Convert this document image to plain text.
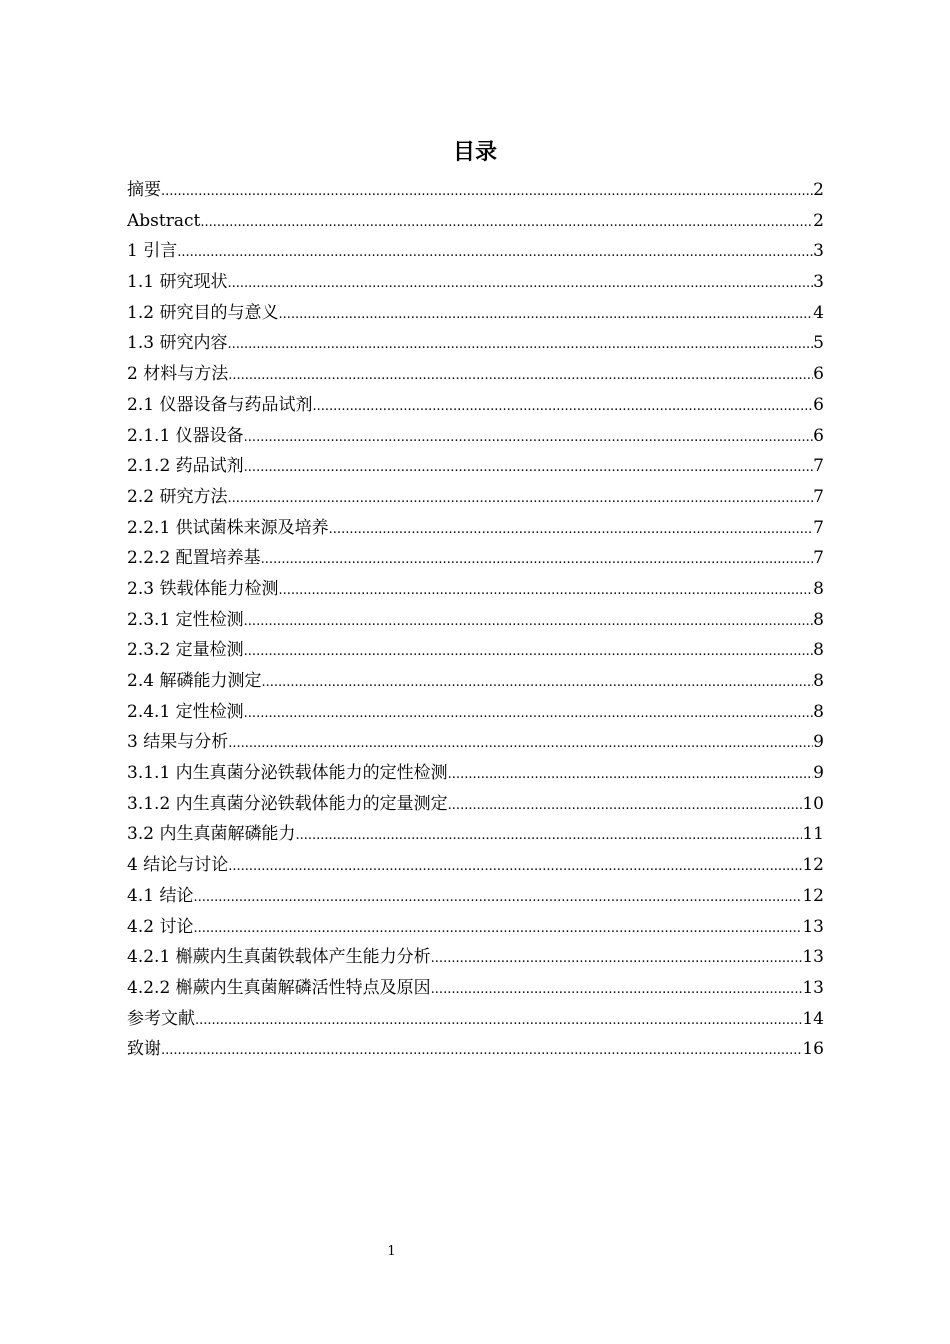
目录
摘要 .....	2
Abstract .....	2
1 引言 .....	3
1.1 研究现状 .....	3
1.2 研究目的与意义 .....	4
1.3 研究内容 .....	5
2 材料与方法 .....	6
2.1 仪器设备与药品试剂 .....	6
2.1.1 仪器设备 .....	6
2.1.2 药品试剂 .....	7
2.2 研究方法 .....	7
2.2.1 供试菌株来源及培养 .....	7
2.2.2 配置培养基 .....	7
2.3 铁载体能力检测 .....	8
2.3.1 定性检测 .....	8
2.3.2 定量检测 .....	8
2.4 解磷能力测定 .....	8
2.4.1 定性检测 .....	8
3 结果与分析 .....	9
3.1.1 内生真菌分泌铁载体能力的定性检测 .....	9
3.1.2 内生真菌分泌铁载体能力的定量测定 .....	10
3.2 内生真菌解磷能力 .....	11
4 结论与讨论 .....	12
4.1 结论 .....	12
4.2 讨论 .....	13
4.2.1 槲蕨内生真菌铁载体产生能力分析 .....	13
4.2.2 槲蕨内生真菌解磷活性特点及原因 .....	13
参考文献 .....	14
致谢 .....	16
1
